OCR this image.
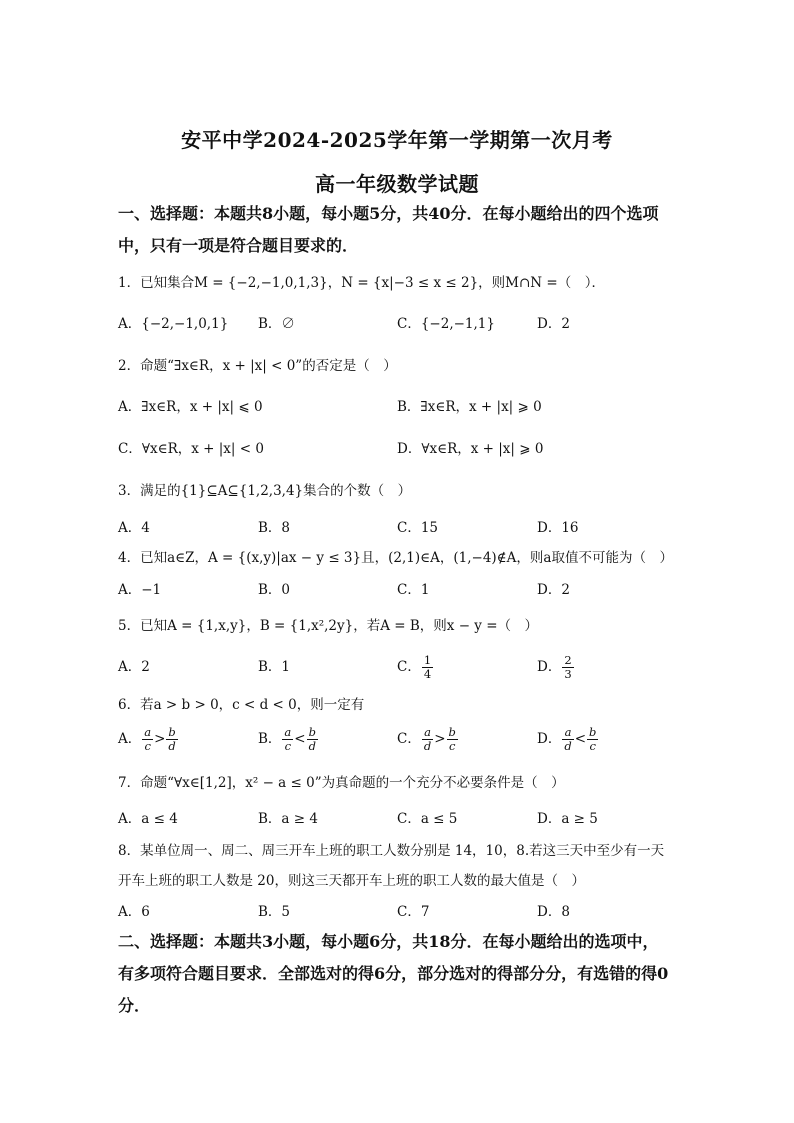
安平中学2024-2025学年第一学期第一次月考
高一年级数学试题
一、选择题：本题共8小题，每小题5分，共40分．在每小题给出的四个选项
中，只有一项是符合题目要求的．
1．已知集合M = {−2,−1,0,1,3}，N = {x|−3 ≤ x ≤ 2}，则M∩N =（　）．
A．{−2,−1,0,1} B．∅	C．{−2,−1,1}	D．2
2．命题“∃x∈R，x + |x| < 0”的否定是（　）
A．∃x∈R，x + |x| ⩽ 0	B．∃x∈R，x + |x| ⩾ 0
C．∀x∈R，x + |x| < 0	D．∀x∈R，x + |x| ⩾ 0
3．满足的{1}⊆A⊆{1,2,3,4}集合的个数（　）
A．4	B．8	C．15	D．16
4．已知a∈Z，A = {(x,y)|ax − y ≤ 3}且，(2,1)∈A，(1,−4)∉A，则a取值不可能为（　）
A．−1	B．0	C．1	D．2
5．已知A = {1,x,y}，B = {1,x²,2y}，若A = B，则x − y =（　）
A．2	B．1	C． $\frac{1}{4}$	D． $\frac{2}{3}$
6．若a > b > 0，c < d < 0，则一定有
A． $\frac{a}{c} > \frac{b}{d}$	B． $\frac{a}{c} < \frac{b}{d}$	C． $\frac{a}{d} > \frac{b}{c}$	D． $\frac{a}{d} < \frac{b}{c}$
7．命题“∀x∈[1,2]，x² − a ≤ 0”为真命题的一个充分不必要条件是（　）
A．a ≤ 4	B．a ≥ 4	C．a ≤ 5	D．a ≥ 5
8．某单位周一、周二、周三开车上班的职工人数分别是 14，10，8.若这三天中至少有一天
开车上班的职工人数是 20，则这三天都开车上班的职工人数的最大值是（　）
A．6	B．5	C．7	D．8
二、选择题：本题共3小题，每小题6分，共18分．在每小题给出的选项中，
有多项符合题目要求．全部选对的得6分，部分选对的得部分分，有选错的得0
分．
